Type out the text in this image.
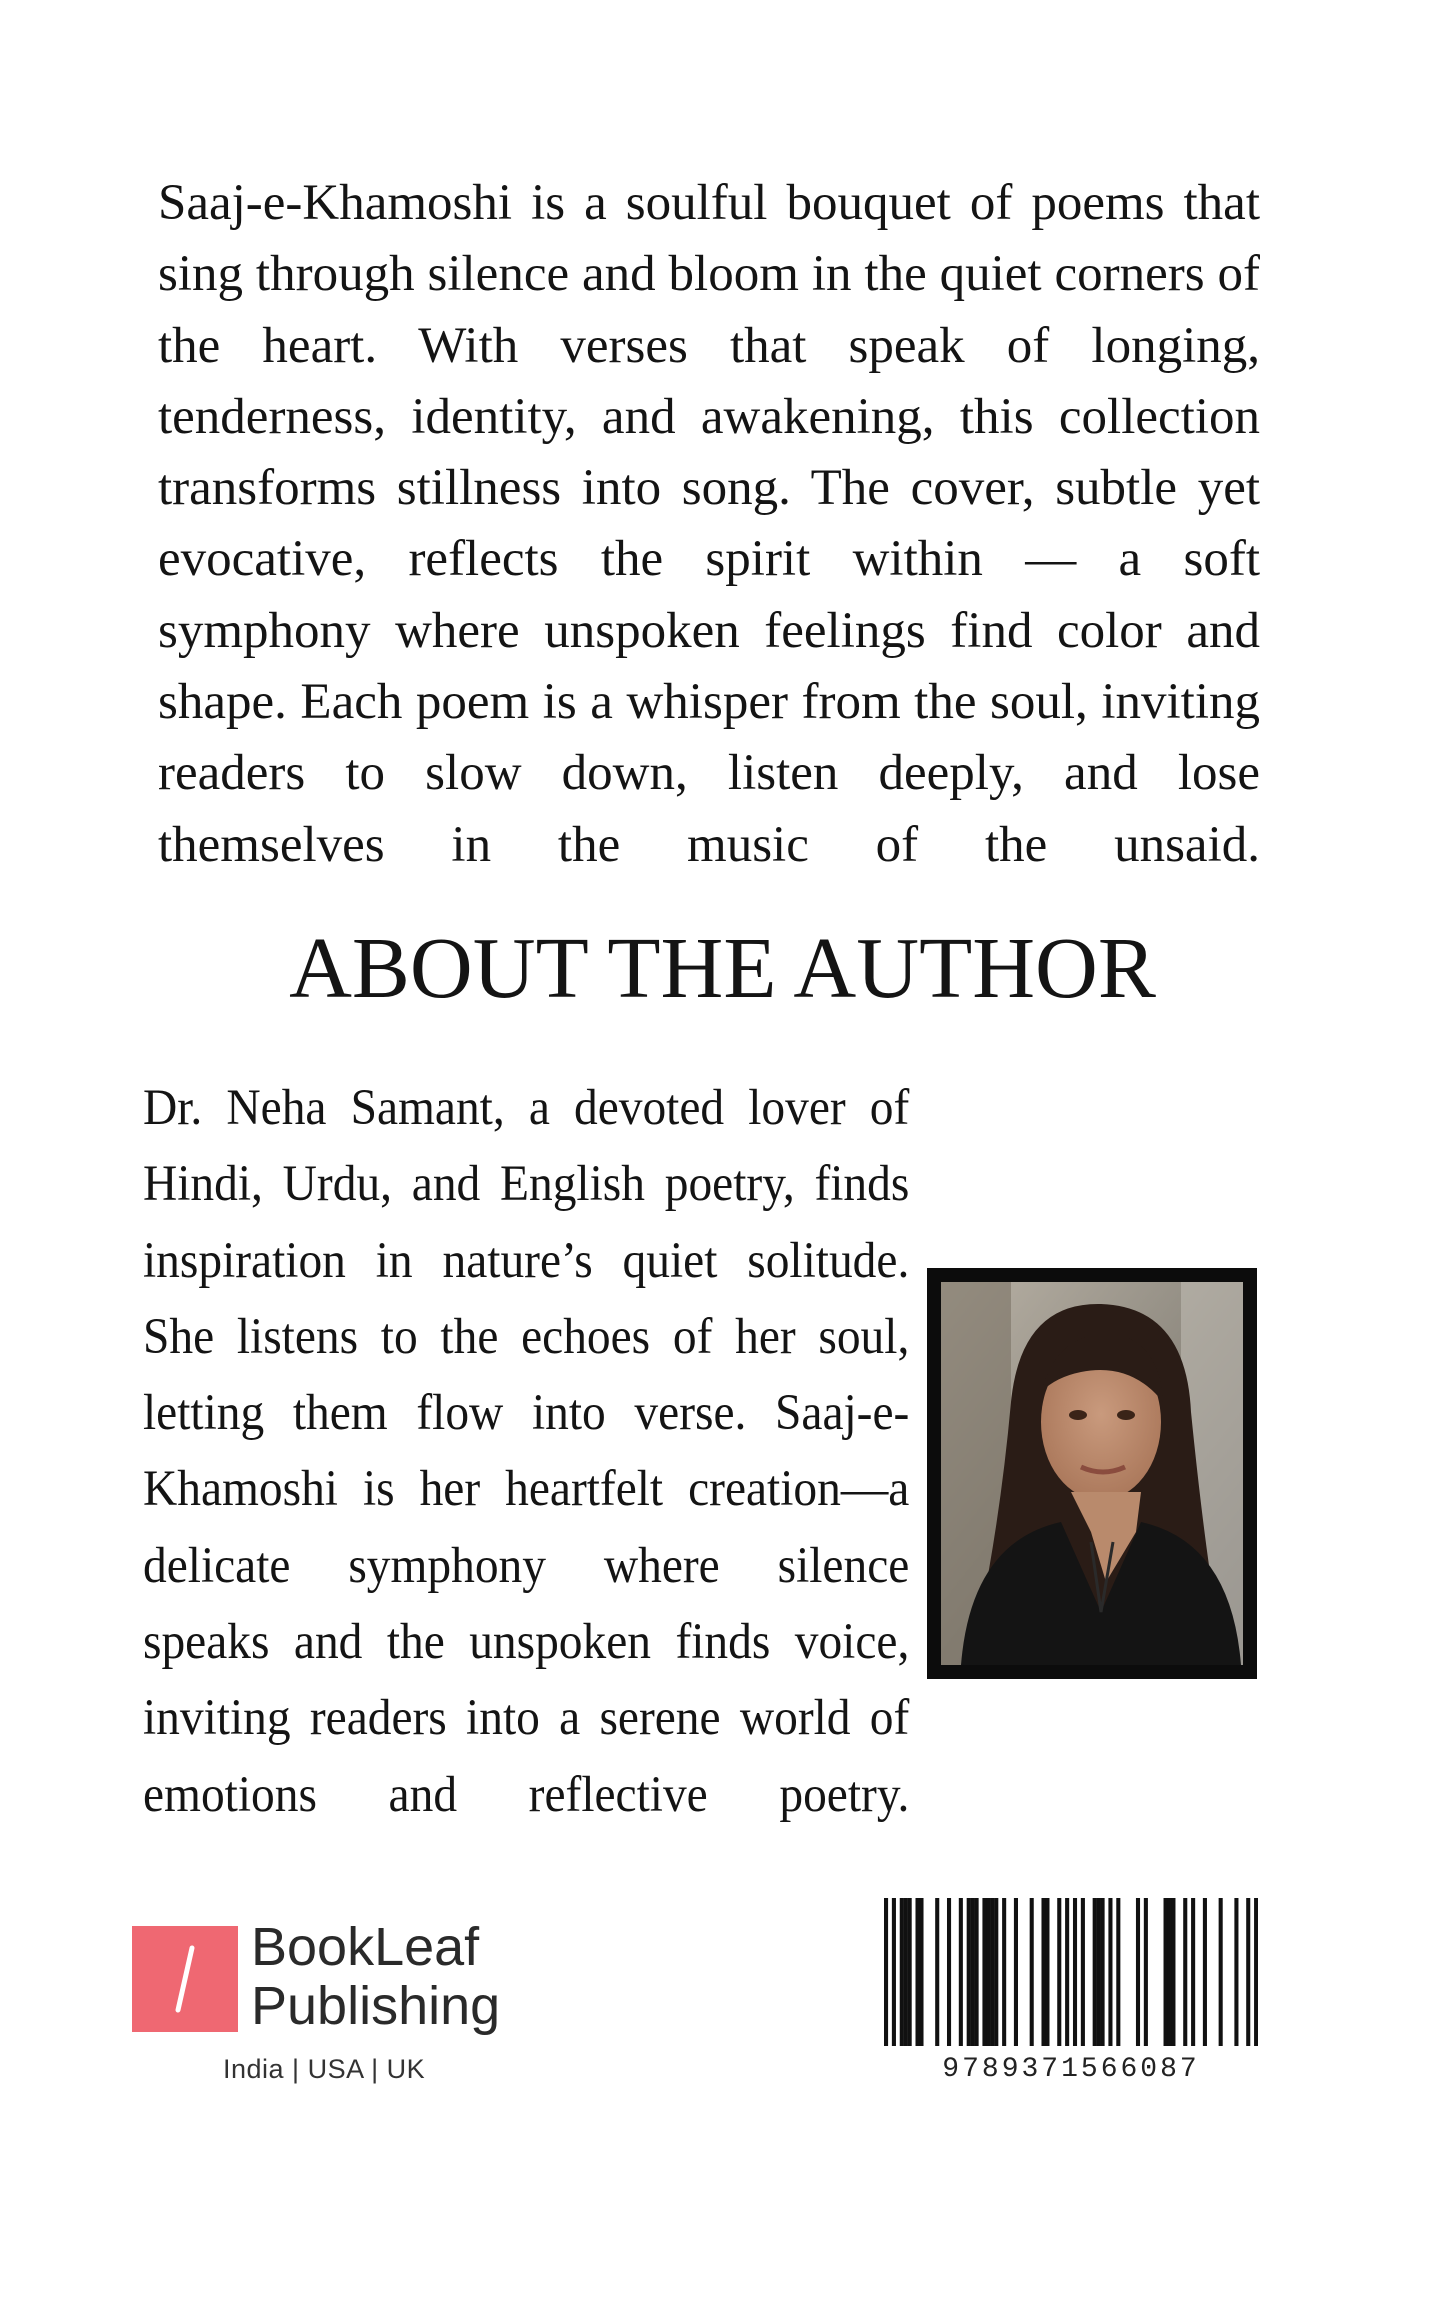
Saaj-e-Khamoshi is a soulful bouquet of poems that sing through silence and bloom in the quiet corners of the heart. With verses that speak of longing, tenderness, identity, and awakening, this collection transforms stillness into song. The cover, subtle yet evocative, reflects the spirit within — a soft symphony where unspoken feelings find color and shape. Each poem is a whisper from the soul, inviting readers to slow down, listen deeply, and lose themselves in the music of the unsaid.

ABOUT THE AUTHOR

Dr. Neha Samant, a devoted lover of Hindi, Urdu, and English poetry, finds inspiration in nature’s quiet solitude. She listens to the echoes of her soul, letting them flow into verse. Saaj-e-Khamoshi is her heartfelt creation—a delicate symphony where silence speaks and the unspoken finds voice, inviting readers into a serene world of emotions and reflective poetry.

BookLeaf
Publishing
India | USA | UK	9789371566087
